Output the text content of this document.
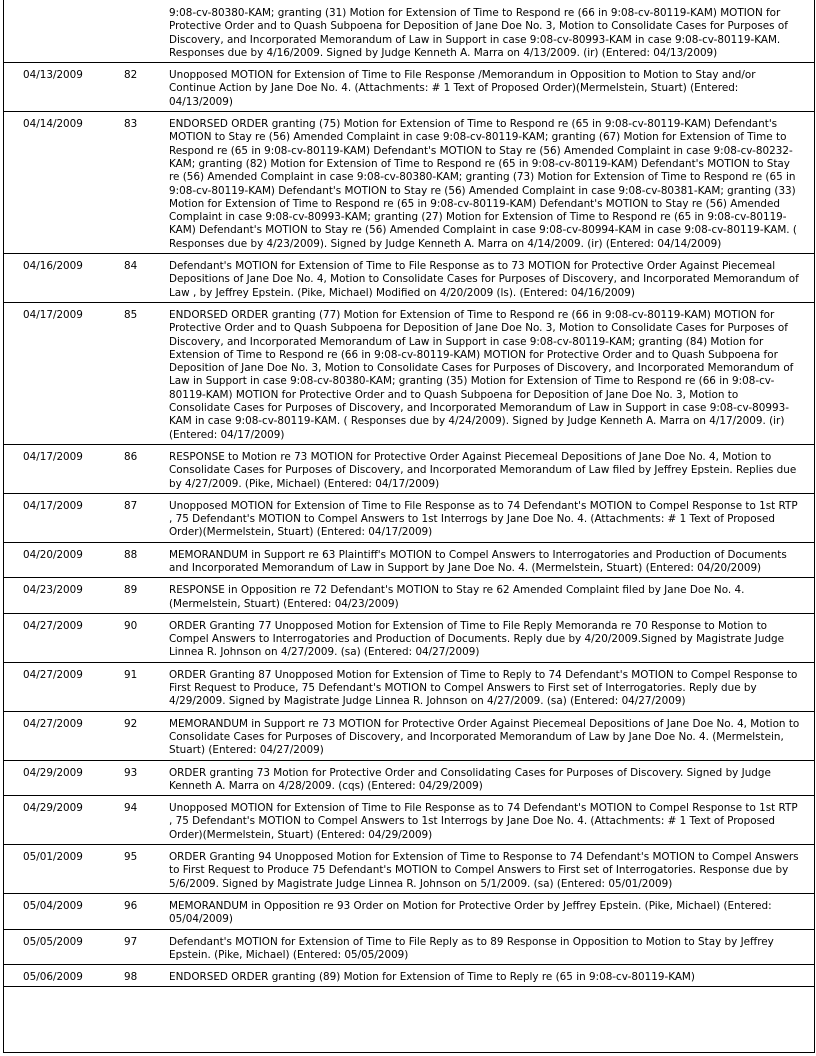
		9:08-cv-80380-KAM; granting (31) Motion for Extension of Time to Respond re (66 in 9:08-cv-80119-KAM) MOTION for Protective Order and to Quash Subpoena for Deposition of Jane Doe No. 3, Motion to Consolidate Cases for Purposes of Discovery, and Incorporated Memorandum of Law in Support in case 9:08-cv-80993-KAM in case 9:08-cv-80119-KAM. Responses due by 4/16/2009. Signed by Judge Kenneth A. Marra on 4/13/2009. (ir) (Entered: 04/13/2009)
04/13/2009	82	Unopposed MOTION for Extension of Time to File Response /Memorandum in Opposition to Motion to Stay and/or Continue Action by Jane Doe No. 4. (Attachments: # 1 Text of Proposed Order)(Mermelstein, Stuart) (Entered: 04/13/2009)
04/14/2009	83	ENDORSED ORDER granting (75) Motion for Extension of Time to Respond re (65 in 9:08-cv-80119-KAM) Defendant's MOTION to Stay re (56) Amended Complaint in case 9:08-cv-80119-KAM; granting (67) Motion for Extension of Time to Respond re (65 in 9:08-cv-80119-KAM) Defendant's MOTION to Stay re (56) Amended Complaint in case 9:08-cv-80232-KAM; granting (82) Motion for Extension of Time to Respond re (65 in 9:08-cv-80119-KAM) Defendant's MOTION to Stay re (56) Amended Complaint in case 9:08-cv-80380-KAM; granting (73) Motion for Extension of Time to Respond re (65 in 9:08-cv-80119-KAM) Defendant's MOTION to Stay re (56) Amended Complaint in case 9:08-cv-80381-KAM; granting (33) Motion for Extension of Time to Respond re (65 in 9:08-cv-80119-KAM) Defendant's MOTION to Stay re (56) Amended Complaint in case 9:08-cv-80993-KAM; granting (27) Motion for Extension of Time to Respond re (65 in 9:08-cv-80119-KAM) Defendant's MOTION to Stay re (56) Amended Complaint in case 9:08-cv-80994-KAM in case 9:08-cv-80119-KAM. ( Responses due by 4/23/2009). Signed by Judge Kenneth A. Marra on 4/14/2009. (ir) (Entered: 04/14/2009)
04/16/2009	84	Defendant's MOTION for Extension of Time to File Response as to 73 MOTION for Protective Order Against Piecemeal Depositions of Jane Doe No. 4, Motion to Consolidate Cases for Purposes of Discovery, and Incorporated Memorandum of Law , by Jeffrey Epstein. (Pike, Michael) Modified on 4/20/2009 (ls). (Entered: 04/16/2009)
04/17/2009	85	ENDORSED ORDER granting (77) Motion for Extension of Time to Respond re (66 in 9:08-cv-80119-KAM) MOTION for Protective Order and to Quash Subpoena for Deposition of Jane Doe No. 3, Motion to Consolidate Cases for Purposes of Discovery, and Incorporated Memorandum of Law in Support in case 9:08-cv-80119-KAM; granting (84) Motion for Extension of Time to Respond re (66 in 9:08-cv-80119-KAM) MOTION for Protective Order and to Quash Subpoena for Deposition of Jane Doe No. 3, Motion to Consolidate Cases for Purposes of Discovery, and Incorporated Memorandum of Law in Support in case 9:08-cv-80380-KAM; granting (35) Motion for Extension of Time to Respond re (66 in 9:08-cv-80119-KAM) MOTION for Protective Order and to Quash Subpoena for Deposition of Jane Doe No. 3, Motion to Consolidate Cases for Purposes of Discovery, and Incorporated Memorandum of Law in Support in case 9:08-cv-80993-KAM in case 9:08-cv-80119-KAM. ( Responses due by 4/24/2009). Signed by Judge Kenneth A. Marra on 4/17/2009. (ir) (Entered: 04/17/2009)
04/17/2009	86	RESPONSE to Motion re 73 MOTION for Protective Order Against Piecemeal Depositions of Jane Doe No. 4, Motion to Consolidate Cases for Purposes of Discovery, and Incorporated Memorandum of Law filed by Jeffrey Epstein. Replies due by 4/27/2009. (Pike, Michael) (Entered: 04/17/2009)
04/17/2009	87	Unopposed MOTION for Extension of Time to File Response as to 74 Defendant's MOTION to Compel Response to 1st RTP , 75 Defendant's MOTION to Compel Answers to 1st Interrogs by Jane Doe No. 4. (Attachments: # 1 Text of Proposed Order)(Mermelstein, Stuart) (Entered: 04/17/2009)
04/20/2009	88	MEMORANDUM in Support re 63 Plaintiff's MOTION to Compel Answers to Interrogatories and Production of Documents and Incorporated Memorandum of Law in Support by Jane Doe No. 4. (Mermelstein, Stuart) (Entered: 04/20/2009)
04/23/2009	89	RESPONSE in Opposition re 72 Defendant's MOTION to Stay re 62 Amended Complaint filed by Jane Doe No. 4. (Mermelstein, Stuart) (Entered: 04/23/2009)
04/27/2009	90	ORDER Granting 77 Unopposed Motion for Extension of Time to File Reply Memoranda re 70 Response to Motion to Compel Answers to Interrogatories and Production of Documents. Reply due by 4/20/2009.Signed by Magistrate Judge Linnea R. Johnson on 4/27/2009. (sa) (Entered: 04/27/2009)
04/27/2009	91	ORDER Granting 87 Unopposed Motion for Extension of Time to Reply to 74 Defendant's MOTION to Compel Response to First Request to Produce, 75 Defendant's MOTION to Compel Answers to First set of Interrogatories. Reply due by 4/29/2009. Signed by Magistrate Judge Linnea R. Johnson on 4/27/2009. (sa) (Entered: 04/27/2009)
04/27/2009	92	MEMORANDUM in Support re 73 MOTION for Protective Order Against Piecemeal Depositions of Jane Doe No. 4, Motion to Consolidate Cases for Purposes of Discovery, and Incorporated Memorandum of Law by Jane Doe No. 4. (Mermelstein, Stuart) (Entered: 04/27/2009)
04/29/2009	93	ORDER granting 73 Motion for Protective Order and Consolidating Cases for Purposes of Discovery. Signed by Judge Kenneth A. Marra on 4/28/2009. (cqs) (Entered: 04/29/2009)
04/29/2009	94	Unopposed MOTION for Extension of Time to File Response as to 74 Defendant's MOTION to Compel Response to 1st RTP , 75 Defendant's MOTION to Compel Answers to 1st Interrogs by Jane Doe No. 4. (Attachments: # 1 Text of Proposed Order)(Mermelstein, Stuart) (Entered: 04/29/2009)
05/01/2009	95	ORDER Granting 94 Unopposed Motion for Extension of Time to Response to 74 Defendant's MOTION to Compel Answers to First Request to Produce 75 Defendant's MOTION to Compel Answers to First set of Interrogatories. Response due by 5/6/2009. Signed by Magistrate Judge Linnea R. Johnson on 5/1/2009. (sa) (Entered: 05/01/2009)
05/04/2009	96	MEMORANDUM in Opposition re 93 Order on Motion for Protective Order by Jeffrey Epstein. (Pike, Michael) (Entered: 05/04/2009)
05/05/2009	97	Defendant's MOTION for Extension of Time to File Reply as to 89 Response in Opposition to Motion to Stay by Jeffrey Epstein. (Pike, Michael) (Entered: 05/05/2009)
05/06/2009	98	ENDORSED ORDER granting (89) Motion for Extension of Time to Reply re (65 in 9:08-cv-80119-KAM)
